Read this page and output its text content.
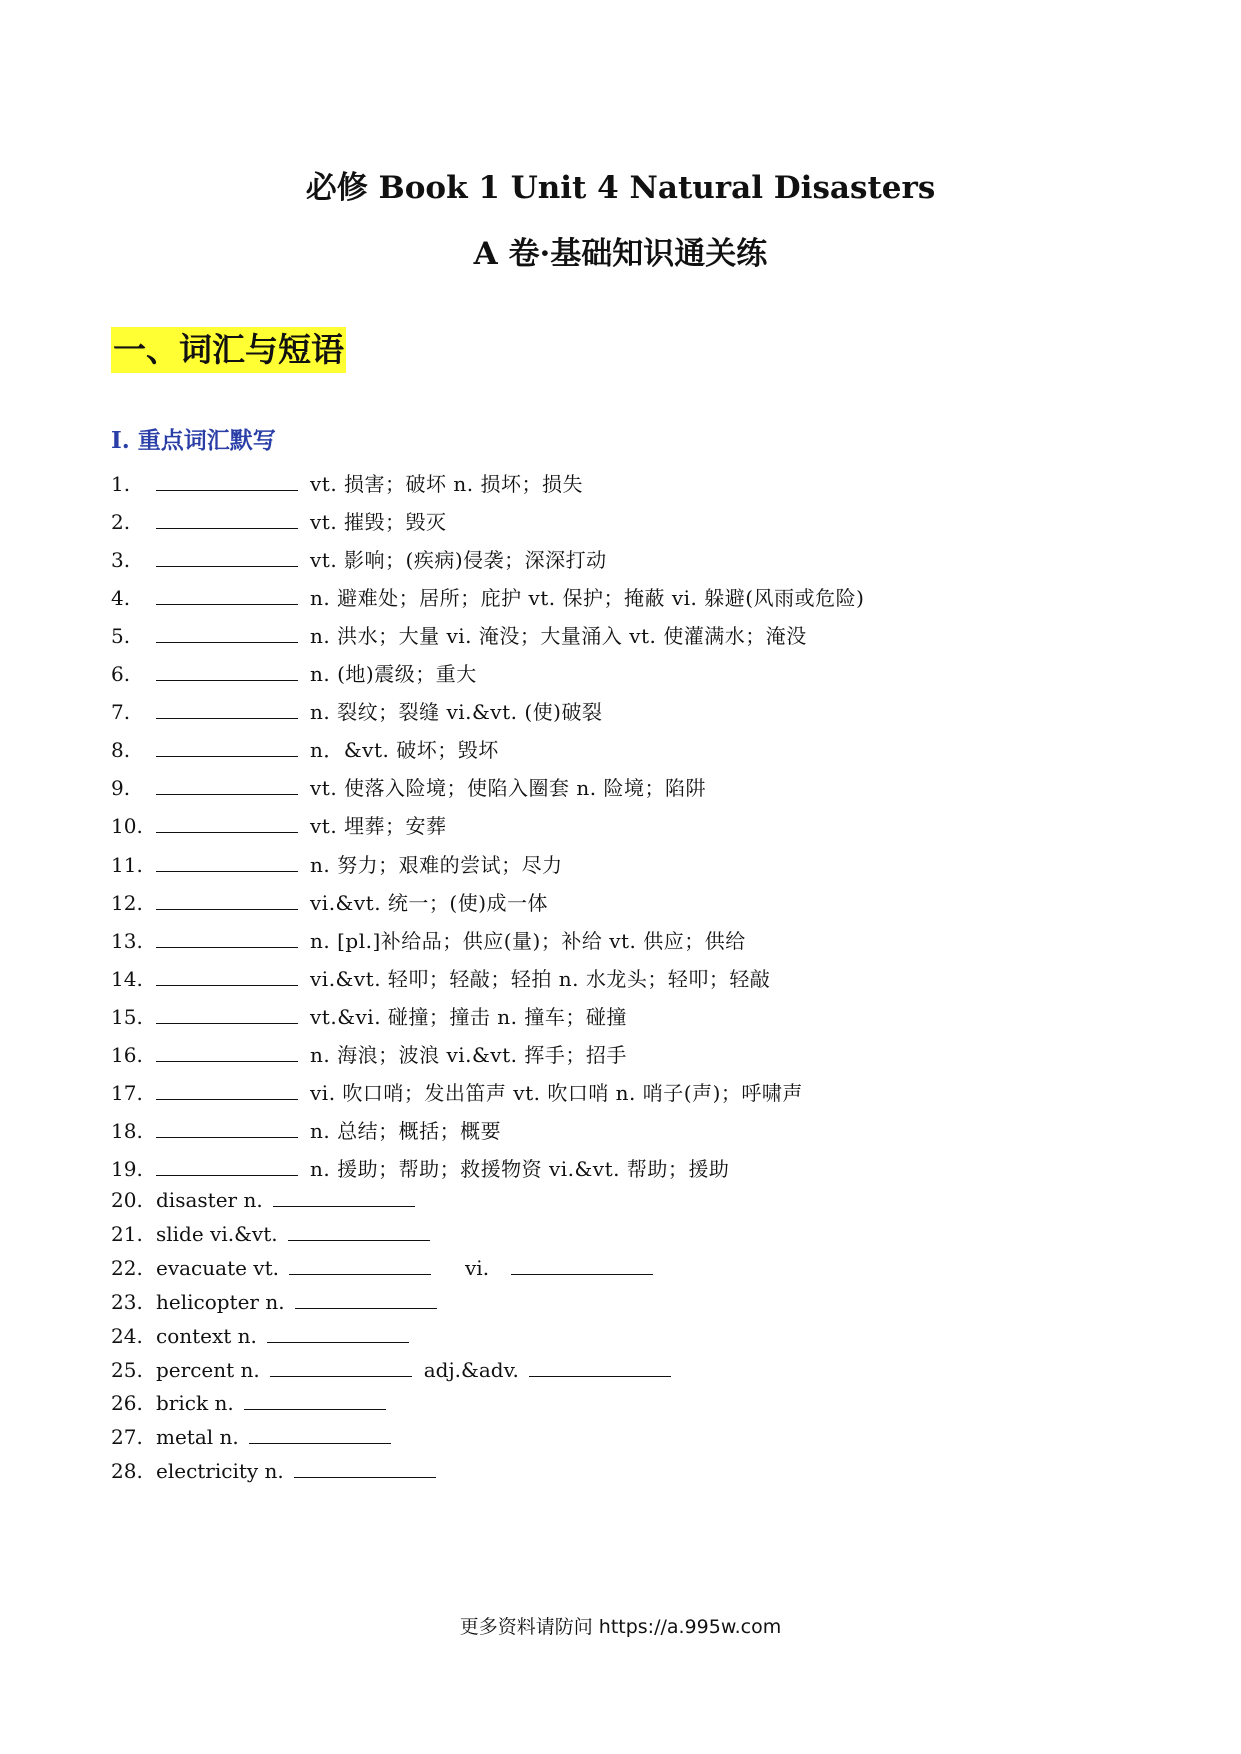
必修 Book 1 Unit 4 Natural Disasters
A 卷·基础知识通关练
一、词汇与短语
I. 重点词汇默写
1.	vt. 损害；破坏 n. 损坏；损失
2.	vt. 摧毁；毁灭
3.	vt. 影响；(疾病)侵袭；深深打动
4.	n. 避难处；居所；庇护 vt. 保护；掩蔽 vi. 躲避(风雨或危险)
5.	n. 洪水；大量 vi. 淹没；大量涌入 vt. 使灌满水；淹没
6.	n. (地)震级；重大
7.	n. 裂纹；裂缝 vi.&vt. (使)破裂
8.	n．&vt. 破坏；毁坏
9.	vt. 使落入险境；使陷入圈套 n. 险境；陷阱
10.	vt. 埋葬；安葬
11.	n. 努力；艰难的尝试；尽力
12.	vi.&vt. 统一；(使)成一体
13.	n. [pl.]补给品；供应(量)；补给 vt. 供应；供给
14.	vi.&vt. 轻叩；轻敲；轻拍 n. 水龙头；轻叩；轻敲
15.	vt.&vi. 碰撞；撞击 n. 撞车；碰撞
16.	n. 海浪；波浪 vi.&vt. 挥手；招手
17.	vi. 吹口哨；发出笛声 vt. 吹口哨 n. 哨子(声)；呼啸声
18.	n. 总结；概括；概要
19.	n. 援助；帮助；救援物资 vi.&vt. 帮助；援助
20. disaster n.
21. slide vi.&vt.
22. evacuate vt.	vi.
23. helicopter n.
24. context n.
25. percent n.	adj.&adv.
26. brick n.
27. metal n.
28. electricity n.
更多资料请防问 https://a.995w.com
